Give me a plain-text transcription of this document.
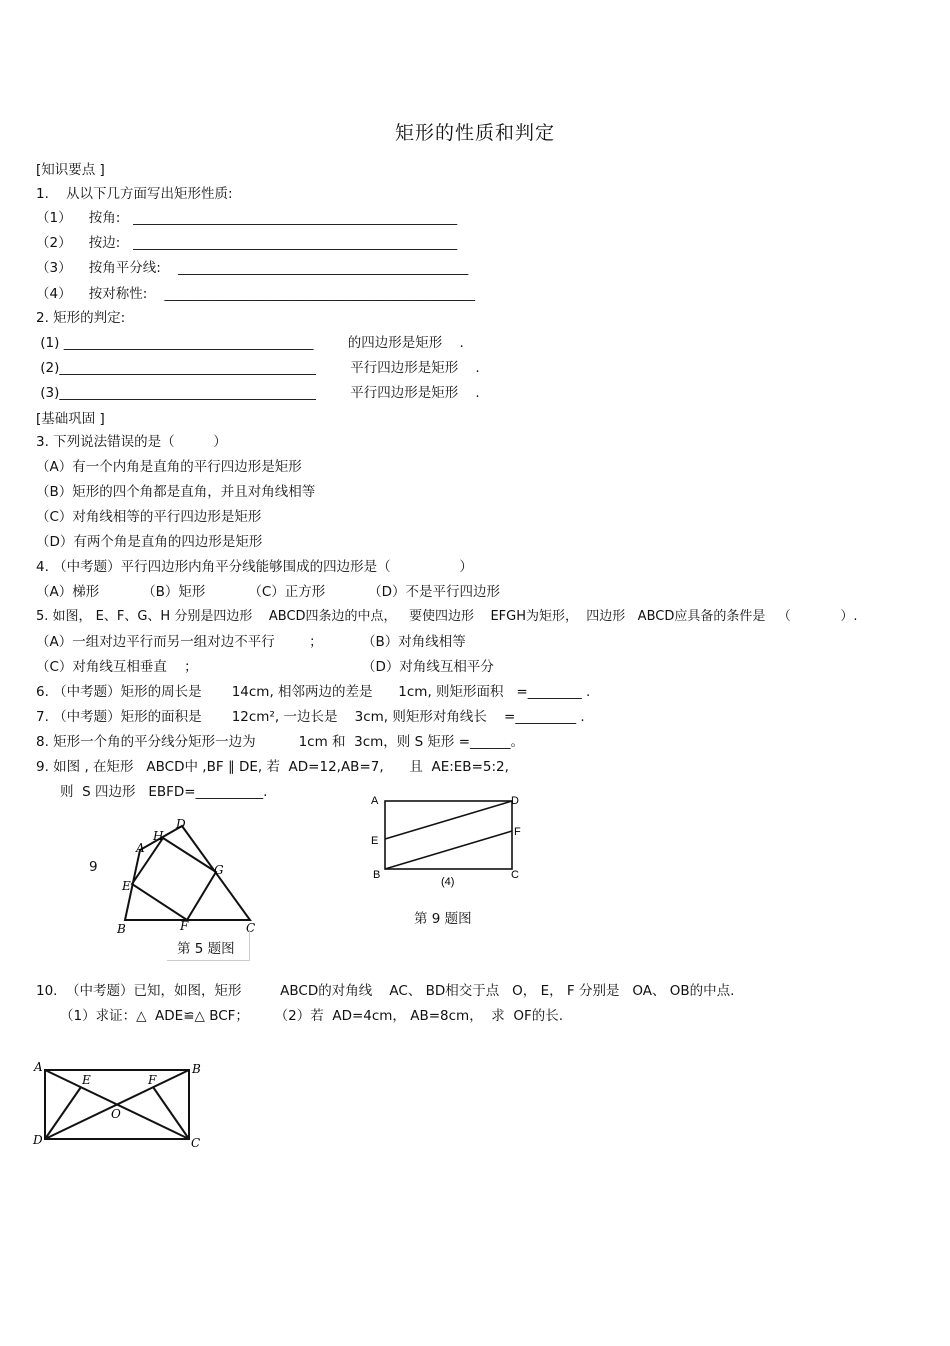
矩形的性质和判定
[知识要点 ]
1.    从以下几方面写出矩形性质:
（1）    按角:   ________________________________________________
（2）    按边:   ________________________________________________
（3）    按角平分线:    ___________________________________________
（4）    按对称性:    ______________________________________________
2. 矩形的判定:
(1) _____________________________________        的四边形是矩形    .
(2)______________________________________        平行四边形是矩形    .
(3)______________________________________        平行四边形是矩形    .
[基础巩固 ]
3. 下列说法错误的是（         ）
（A）有一个内角是直角的平行四边形是矩形
（B）矩形的四个角都是直角，并且对角线相等
（C）对角线相等的平行四边形是矩形
（D）有两个角是直角的四边形是矩形
4. （中考题）平行四边形内角平分线能够围成的四边形是（                ）
（A）梯形          （B）矩形          （C）正方形          （D）不是平行四边形
5. 如图， E、F、G、H 分别是四边形    ABCD四条边的中点，   要使四边形    EFGH为矩形，  四边形   ABCD应具备的条件是   （            ）.
（A）一组对边平行而另一组对边不平行        ；	（B）对角线相等
（C）对角线互相垂直    ；	（D）对角线互相平分
6. （中考题）矩形的周长是       14cm, 相邻两边的差是      1cm, 则矩形面积   =________ .
7. （中考题）矩形的面积是       12cm², 一边长是    3cm, 则矩形对角线长    =_________ .
8. 矩形一个角的平分线分矩形一边为          1cm 和  3cm，则 S 矩形 =______。
9. 如图 , 在矩形   ABCD中 ,BF ∥ DE, 若  AD=12,AB=7,      且  AE:EB=5:2,
则  S 四边形   EBFD=__________.
9
A
B	C
D
E
F
G
H
第 5 题图
A
B	C
D
E
F
(4)
第 9 题图
10.  （中考题）已知，如图，矩形         ABCD的对角线    AC、 BD相交于点   O， E， F 分别是   OA、 OB的中点.
（1）求证：△  ADE≌△ BCF；      （2）若  AD=4cm， AB=8cm，  求  OF的长.
A	B
C
D
E	F
O
